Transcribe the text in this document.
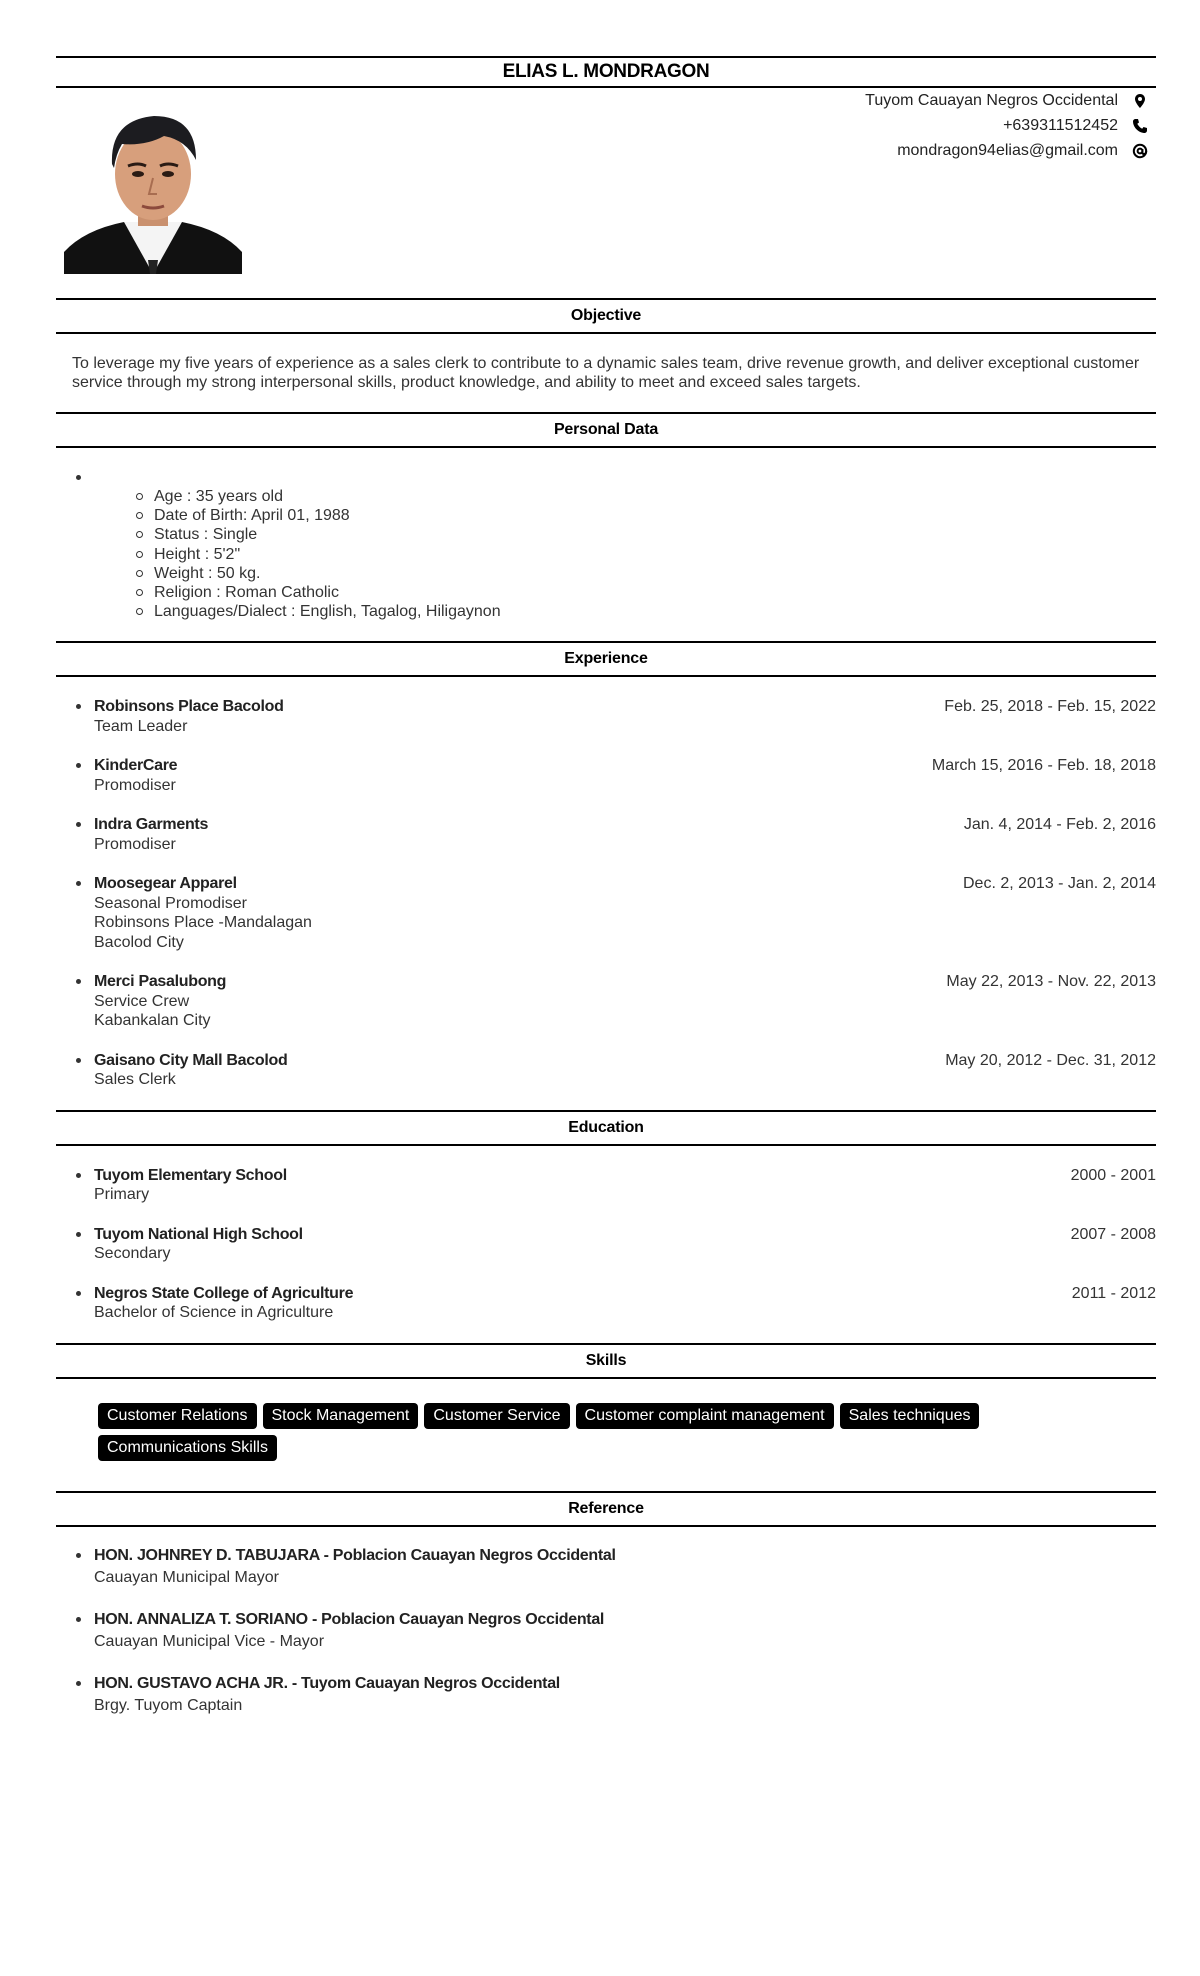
ELIAS L. MONDRAGON
Tuyom Cauayan Negros Occidental
+639311512452
mondragon94elias@gmail.com
Objective
To leverage my five years of experience as a sales clerk to contribute to a dynamic sales team, drive revenue growth, and deliver exceptional customer service through my strong interpersonal skills, product knowledge, and ability to meet and exceed sales targets.
Personal Data
Age : 35 years old
Date of Birth: April 01, 1988
Status : Single
Height : 5'2"
Weight : 50 kg.
Religion : Roman Catholic
Languages/Dialect : English, Tagalog, Hiligaynon
Experience
Robinsons Place Bacolod	Feb. 25, 2018 - Feb. 15, 2022
Team Leader
KinderCare	March 15, 2016 - Feb. 18, 2018
Promodiser
Indra Garments	Jan. 4, 2014 - Feb. 2, 2016
Promodiser
Moosegear Apparel	Dec. 2, 2013 - Jan. 2, 2014
Seasonal Promodiser
Robinsons Place -Mandalagan
Bacolod City
Merci Pasalubong	May 22, 2013 - Nov. 22, 2013
Service Crew
Kabankalan City
Gaisano City Mall Bacolod	May 20, 2012 - Dec. 31, 2012
Sales Clerk
Education
Tuyom Elementary School	2000 - 2001
Primary
Tuyom National High School	2007 - 2008
Secondary
Negros State College of Agriculture	2011 - 2012
Bachelor of Science in Agriculture
Skills
Customer Relations	Stock Management	Customer Service	Customer complaint management	Sales techniques
Communications Skills
Reference
HON. JOHNREY D. TABUJARA - Poblacion Cauayan Negros Occidental
Cauayan Municipal Mayor
HON. ANNALIZA T. SORIANO - Poblacion Cauayan Negros Occidental
Cauayan Municipal Vice - Mayor
HON. GUSTAVO ACHA JR. - Tuyom Cauayan Negros Occidental
Brgy. Tuyom Captain
